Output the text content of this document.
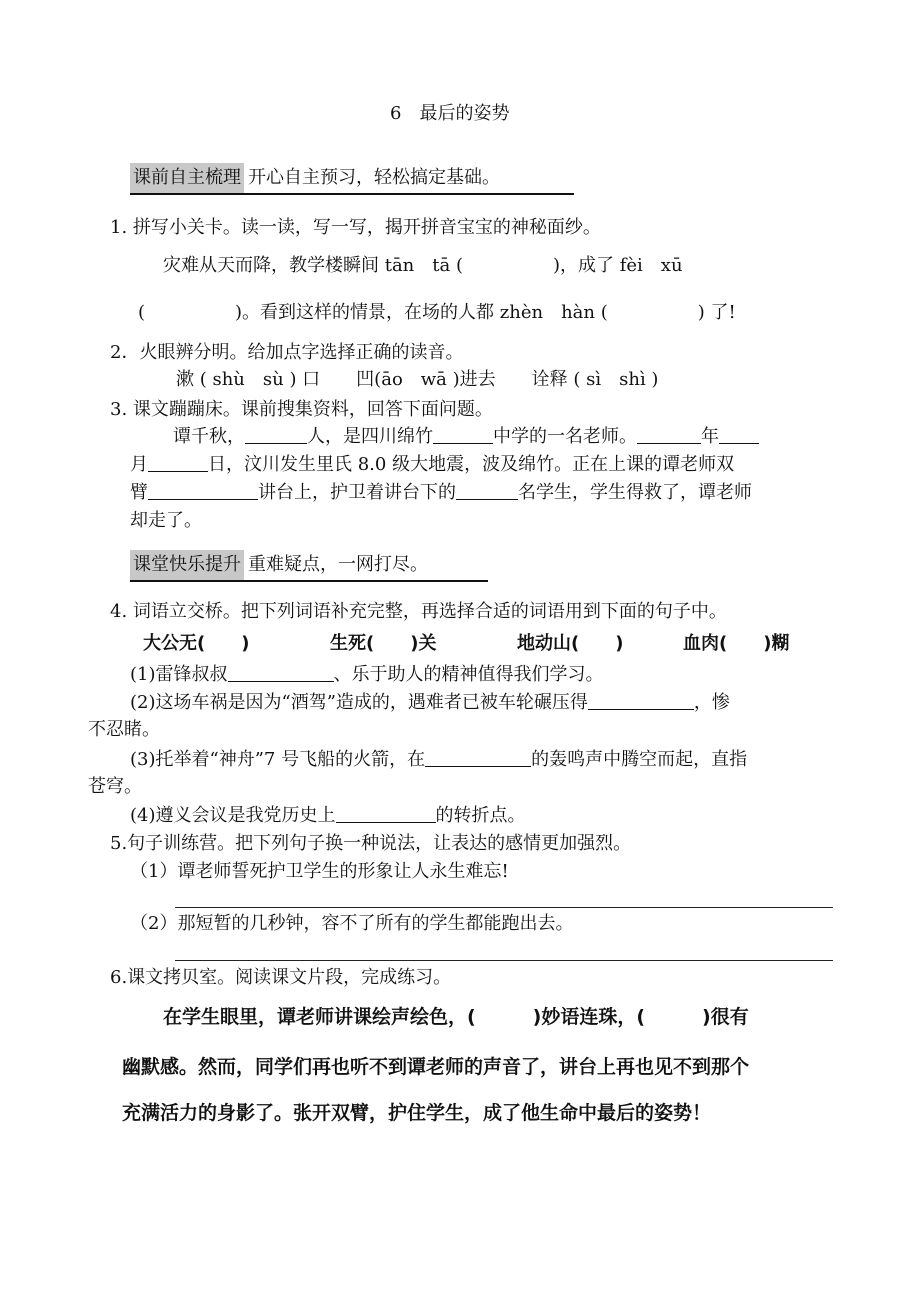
6　最后的姿势
课前自主梳理 开心自主预习，轻松搞定基础。
1. 拼写小关卡。读一读，写一写，揭开拼音宝宝的神秘面纱。
灾难从天而降，教学楼瞬间 tān　tā (　　　　　)，成了 fèi　xū
(　　　　　)。看到这样的情景，在场的人都 zhèn　hàn (　　　　　) 了!
2．火眼辨分明。给加点字选择正确的读音。
漱 ( shù　sù ) 口　　凹(āo　wā )进去　　诠释 ( sì　shì )
3. 课文蹦蹦床。课前搜集资料，回答下面问题。
谭千秋，	人，是四川绵竹	中学的一名老师。	年
月	日，汶川发生里氏 8.0 级大地震，波及绵竹。正在上课的谭老师双
臂	讲台上，护卫着讲台下的	名学生，学生得救了，谭老师
却走了。
课堂快乐提升 重难疑点，一网打尽。
4. 词语立交桥。把下列词语补充完整，再选择合适的词语用到下面的句子中。
大公无(　　)	生死(　　)关	地动山(　　)	血肉(　　)糊
(1)雷锋叔叔	、乐于助人的精神值得我们学习。
(2)这场车祸是因为“酒驾”造成的，遇难者已被车轮碾压得	，惨
不忍睹。
(3)托举着“神舟”7 号飞船的火箭，在	的轰鸣声中腾空而起，直指
苍穹。
(4)遵义会议是我党历史上	的转折点。
5.句子训练营。把下列句子换一种说法，让表达的感情更加强烈。
（1）谭老师誓死护卫学生的形象让人永生难忘!
（2）那短暂的几秒钟，容不了所有的学生都能跑出去。
6.课文拷贝室。阅读课文片段，完成练习。
在学生眼里，谭老师讲课绘声绘色，(　　　)妙语连珠，(　　　)很有
幽默感。然而，同学们再也听不到谭老师的声音了，讲台上再也见不到那个
充满活力的身影了。张开双臂，护住学生，成了他生命中最后的姿势！
